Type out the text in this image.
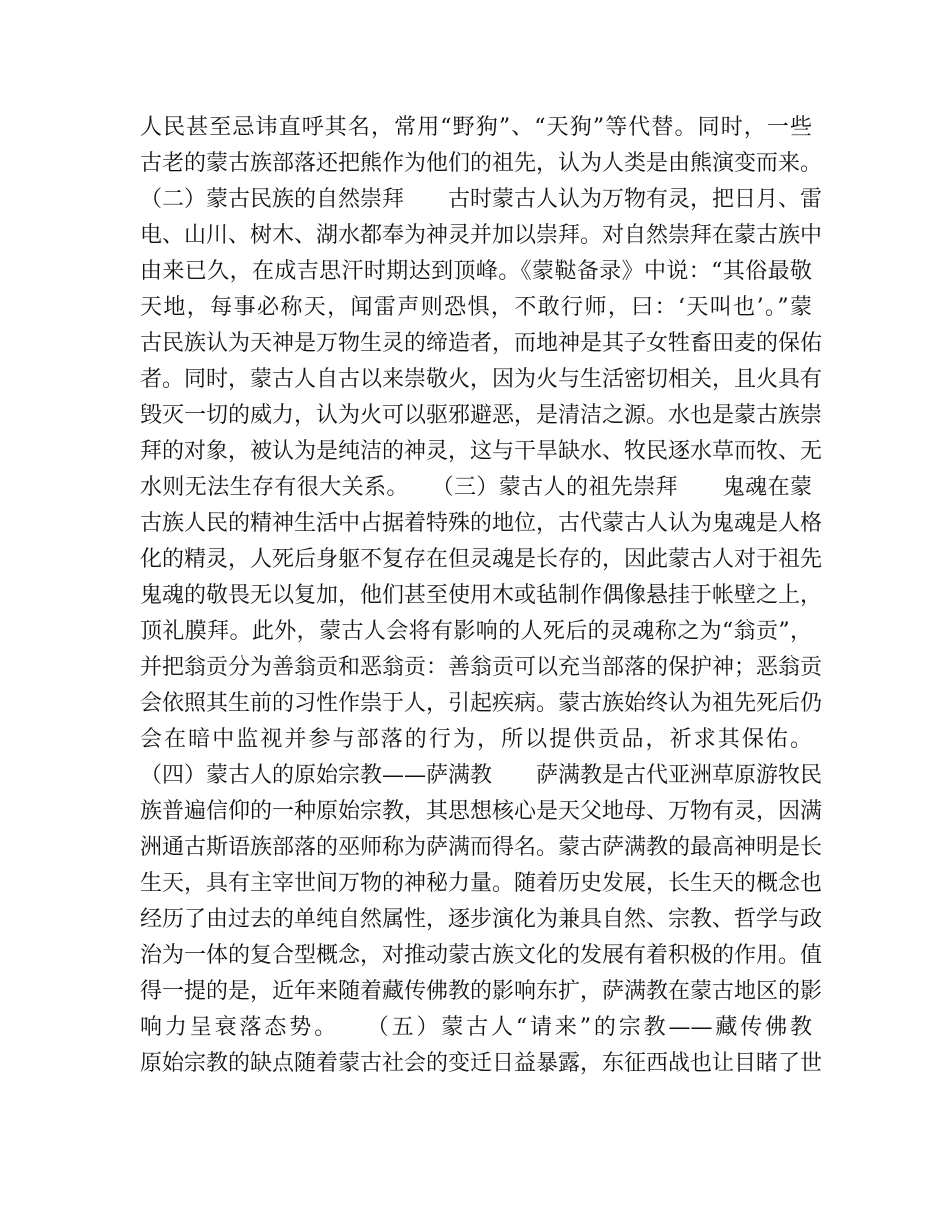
人民甚至忌讳直呼其名，常用“野狗”、“天狗”等代替。同时，一些

古老的蒙古族部落还把熊作为他们的祖先，认为人类是由熊演变而来。

（二）蒙古民族的自然崇拜　　古时蒙古人认为万物有灵，把日月、雷

电、山川、树木、湖水都奉为神灵并加以崇拜。对自然崇拜在蒙古族中

由来已久，在成吉思汗时期达到顶峰。《蒙鞑备录》中说：“其俗最敬

天地，每事必称天，闻雷声则恐惧，不敢行师，曰：‘天叫也’。”蒙

古民族认为天神是万物生灵的缔造者，而地神是其子女牲畜田麦的保佑

者。同时，蒙古人自古以来崇敬火，因为火与生活密切相关，且火具有

毁灭一切的威力，认为火可以驱邪避恶，是清洁之源。水也是蒙古族崇

拜的对象，被认为是纯洁的神灵，这与干旱缺水、牧民逐水草而牧、无

水则无法生存有很大关系。　　（三）蒙古人的祖先崇拜　　鬼魂在蒙

古族人民的精神生活中占据着特殊的地位，古代蒙古人认为鬼魂是人格

化的精灵，人死后身躯不复存在但灵魂是长存的，因此蒙古人对于祖先

鬼魂的敬畏无以复加，他们甚至使用木或毡制作偶像悬挂于帐壁之上，

顶礼膜拜。此外，蒙古人会将有影响的人死后的灵魂称之为“翁贡”，

并把翁贡分为善翁贡和恶翁贡：善翁贡可以充当部落的保护神；恶翁贡

会依照其生前的习性作祟于人，引起疾病。蒙古族始终认为祖先死后仍

会在暗中监视并参与部落的行为，所以提供贡品，祈求其保佑。

（四）蒙古人的原始宗教——萨满教　　萨满教是古代亚洲草原游牧民

族普遍信仰的一种原始宗教，其思想核心是天父地母、万物有灵，因满

洲通古斯语族部落的巫师称为萨满而得名。蒙古萨满教的最高神明是长

生天，具有主宰世间万物的神秘力量。随着历史发展，长生天的概念也

经历了由过去的单纯自然属性，逐步演化为兼具自然、宗教、哲学与政

治为一体的复合型概念，对推动蒙古族文化的发展有着积极的作用。值

得一提的是，近年来随着藏传佛教的影响东扩，萨满教在蒙古地区的影

响力呈衰落态势。　　（五）蒙古人“请来”的宗教——藏传佛教

原始宗教的缺点随着蒙古社会的变迁日益暴露，东征西战也让目睹了世
